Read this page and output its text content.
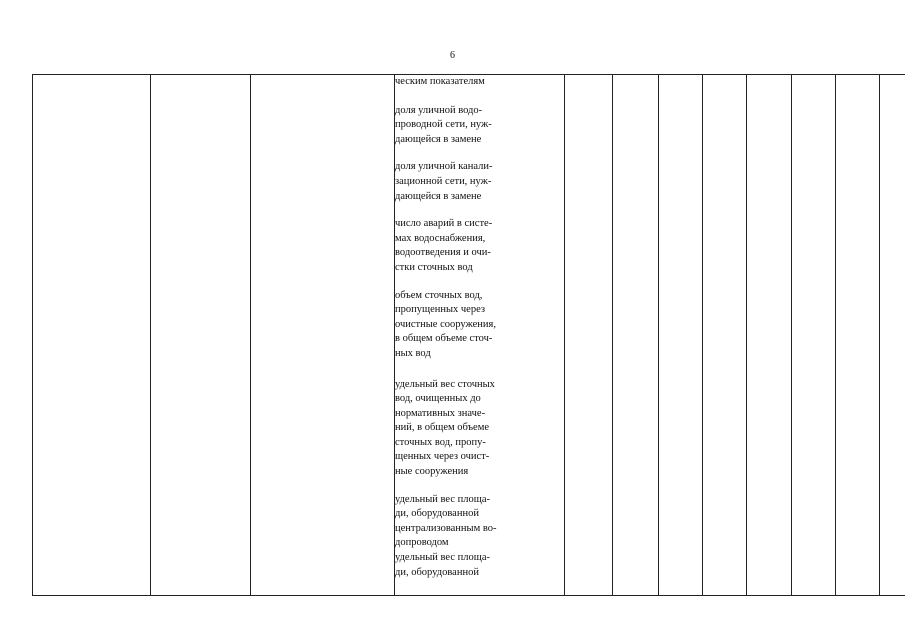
6

ческим показателям

доля уличной водо-
проводной сети, нуж-
дающейся в замене

доля уличной канали-
зационной сети, нуж-
дающейся в замене

число аварий в систе-
мах водоснабжения,
водоотведения и очи-
стки сточных вод

объем сточных вод,
пропущенных через
очистные сооружения,
в общем объеме сточ-
ных вод

удельный вес сточных
вод, очищенных до
нормативных значе-
ний, в общем объеме
сточных вод, пропу-
щенных через очист-
ные сооружения

удельный вес площа-
ди, оборудованной
централизованным во-
допроводом

удельный вес площа-
ди, оборудованной
